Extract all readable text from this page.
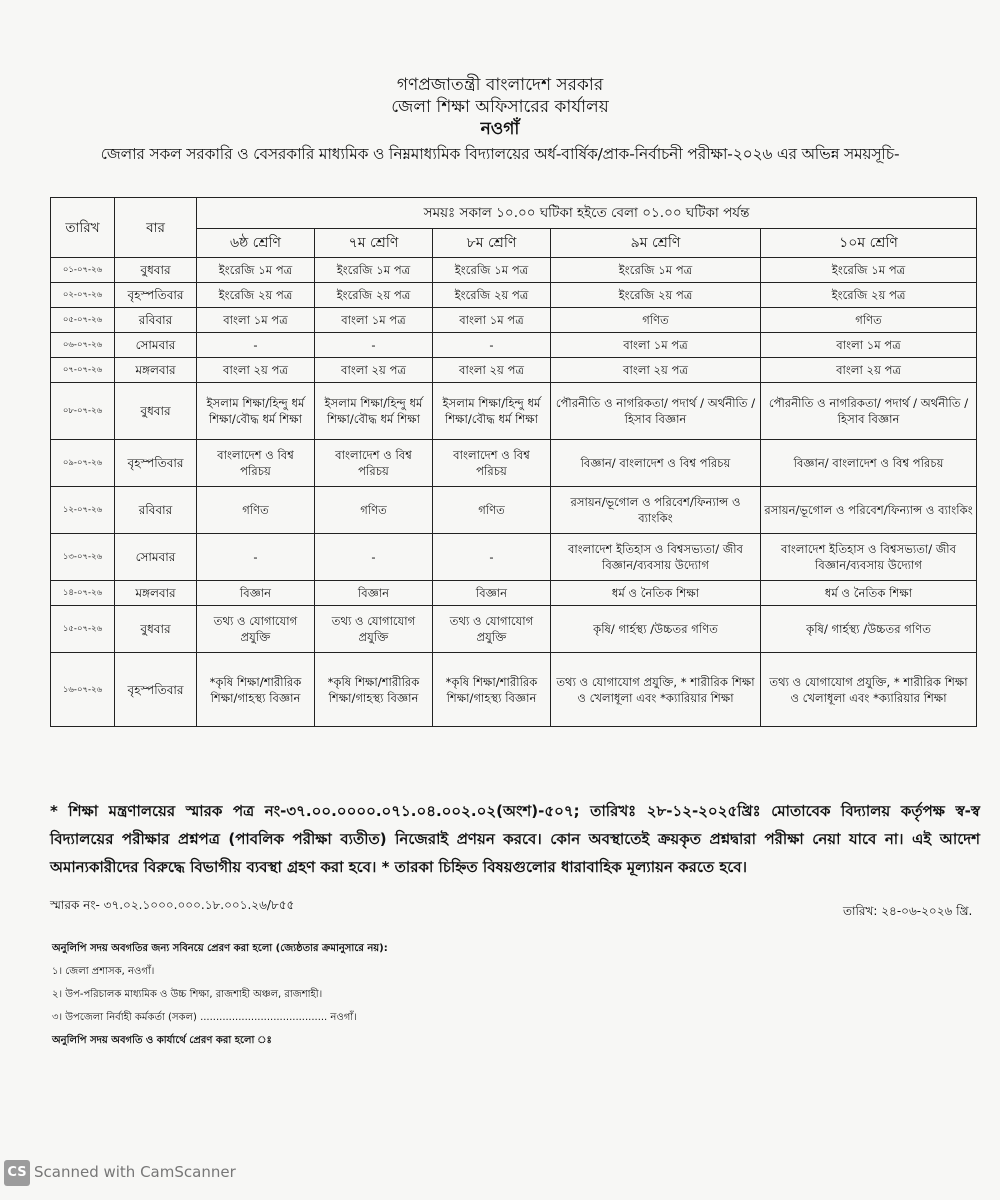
গণপ্রজাতন্ত্রী বাংলাদেশ সরকার
জেলা শিক্ষা অফিসারের কার্যালয়
নওগাঁ
জেলার সকল সরকারি ও বেসরকারি মাধ্যমিক ও নিম্নমাধ্যমিক বিদ্যালয়ের অর্ধ-বার্ষিক/প্রাক-নির্বাচনী পরীক্ষা-২০২৬ এর অভিন্ন সময়সূচি-
তারিখ	বার	সময়ঃ সকাল ১০.০০ ঘটিকা হইতে বেলা ০১.০০ ঘটিকা পর্যন্ত				
		৬ষ্ঠ শ্রেণি	৭ম শ্রেণি	৮ম শ্রেণি	৯ম শ্রেণি	১০ম শ্রেণি
০১-০৭-২৬	বুধবার	ইংরেজি ১ম পত্র	ইংরেজি ১ম পত্র	ইংরেজি ১ম পত্র	ইংরেজি ১ম পত্র	ইংরেজি ১ম পত্র
০২-০৭-২৬	বৃহস্পতিবার	ইংরেজি ২য় পত্র	ইংরেজি ২য় পত্র	ইংরেজি ২য় পত্র	ইংরেজি ২য় পত্র	ইংরেজি ২য় পত্র
০৫-০৭-২৬	রবিবার	বাংলা ১ম পত্র	বাংলা ১ম পত্র	বাংলা ১ম পত্র	গণিত	গণিত
০৬-০৭-২৬	সোমবার	-	-	-	বাংলা ১ম পত্র	বাংলা ১ম পত্র
০৭-০৭-২৬	মঙ্গলবার	বাংলা ২য় পত্র	বাংলা ২য় পত্র	বাংলা ২য় পত্র	বাংলা ২য় পত্র	বাংলা ২য় পত্র
০৮-০৭-২৬	বুধবার	ইসলাম শিক্ষা/হিন্দু ধর্ম শিক্ষা/বৌদ্ধ ধর্ম শিক্ষা	ইসলাম শিক্ষা/হিন্দু ধর্ম শিক্ষা/বৌদ্ধ ধর্ম শিক্ষা	ইসলাম শিক্ষা/হিন্দু ধর্ম শিক্ষা/বৌদ্ধ ধর্ম শিক্ষা	পৌরনীতি ও নাগরিকতা/ পদার্থ / অর্থনীতি /হিসাব বিজ্ঞান	পৌরনীতি ও নাগরিকতা/ পদার্থ / অর্থনীতি /হিসাব বিজ্ঞান
০৯-০৭-২৬	বৃহস্পতিবার	বাংলাদেশ ও বিশ্ব পরিচয়	বাংলাদেশ ও বিশ্ব পরিচয়	বাংলাদেশ ও বিশ্ব পরিচয়	বিজ্ঞান/ বাংলাদেশ ও বিশ্ব পরিচয়	বিজ্ঞান/ বাংলাদেশ ও বিশ্ব পরিচয়
১২-০৭-২৬	রবিবার	গণিত	গণিত	গণিত	রসায়ন/ভূগোল ও পরিবেশ/ফিন্যান্স ও ব্যাংকিং	রসায়ন/ভূগোল ও পরিবেশ/ফিন্যান্স ও ব্যাংকিং
১৩-০৭-২৬	সোমবার	-	-	-	বাংলাদেশ ইতিহাস ও বিশ্বসভ্যতা/ জীব বিজ্ঞান/ব্যবসায় উদ্যোগ	বাংলাদেশ ইতিহাস ও বিশ্বসভ্যতা/ জীব বিজ্ঞান/ব্যবসায় উদ্যোগ
১৪-০৭-২৬	মঙ্গলবার	বিজ্ঞান	বিজ্ঞান	বিজ্ঞান	ধর্ম ও নৈতিক শিক্ষা	ধর্ম ও নৈতিক শিক্ষা
১৫-০৭-২৬	বুধবার	তথ্য ও যোগাযোগ প্রযুক্তি	তথ্য ও যোগাযোগ প্রযুক্তি	তথ্য ও যোগাযোগ প্রযুক্তি	কৃষি/ গার্হস্থ্য /উচ্চতর গণিত	কৃষি/ গার্হস্থ্য /উচ্চতর গণিত
১৬-০৭-২৬	বৃহস্পতিবার	*কৃষি শিক্ষা/শারীরিক শিক্ষা/গাহস্থ্য বিজ্ঞান	*কৃষি শিক্ষা/শারীরিক শিক্ষা/গাহস্থ্য বিজ্ঞান	*কৃষি শিক্ষা/শারীরিক শিক্ষা/গাহস্থ্য বিজ্ঞান	তথ্য ও যোগাযোগ প্রযুক্তি, * শারীরিক শিক্ষা ও খেলাধূলা এবং *ক্যারিয়ার শিক্ষা	তথ্য ও যোগাযোগ প্রযুক্তি, * শারীরিক শিক্ষা ও খেলাধূলা এবং *ক্যারিয়ার শিক্ষা
* শিক্ষা মন্ত্রণালয়ের স্মারক পত্র নং-৩৭.০০.০০০০.০৭১.০৪.০০২.০২(অংশ)-৫০৭; তারিখঃ ২৮-১২-২০২৫খ্রিঃ মোতাবেক বিদ্যালয় কর্তৃপক্ষ স্ব-স্ব বিদ্যালয়ের পরীক্ষার প্রশ্নপত্র (পাবলিক পরীক্ষা ব্যতীত) নিজেরাই প্রণয়ন করবে। কোন অবস্থাতেই ক্রয়কৃত প্রশ্নদ্বারা পরীক্ষা নেয়া যাবে না। এই আদেশ অমান্যকারীদের বিরুদ্ধে বিভাগীয় ব্যবস্থা গ্রহণ করা হবে। * তারকা চিহ্নিত বিষয়গুলোর ধারাবাহিক মূল্যায়ন করতে হবে।
স্মারক নং- ৩৭.০২.১০০০.০০০.১৮.০০১.২৬/৮৫৫	তারিখ: ২৪-০৬-২০২৬ খ্রি.
অনুলিপি সদয় অবগতির জন্য সবিনয়ে প্রেরণ করা হলো (জ্যেষ্ঠতার ক্রমানুসারে নয়):
১। জেলা প্রশাসক, নওগাঁ।
২। উপ-পরিচালক মাধ্যমিক ও উচ্চ শিক্ষা, রাজশাহী অঞ্চল, রাজশাহী।
৩। উপজেলা নির্বাহী কর্মকর্তা (সকল) ........................................ নওগাঁ।
অনুলিপি সদয় অবগতি ও কার্যার্থে প্রেরণ করা হলো ঃ
CS Scanned with CamScanner
